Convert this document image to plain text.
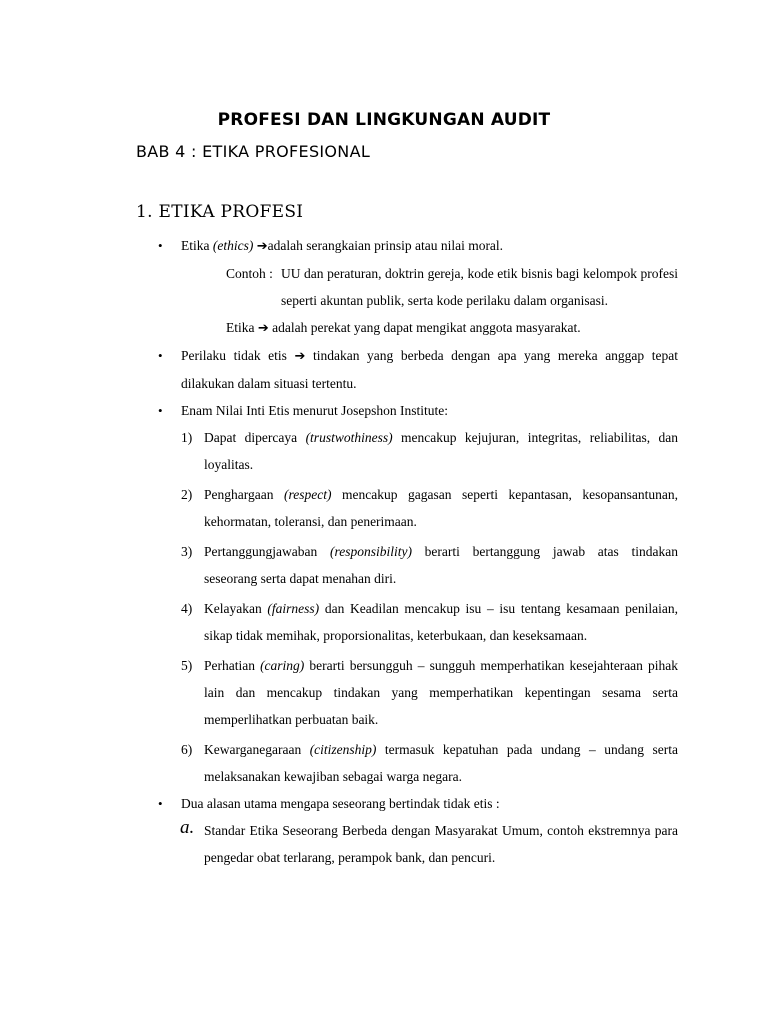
PROFESI DAN LINGKUNGAN AUDIT
BAB 4 : ETIKA PROFESIONAL
1. ETIKA PROFESI
• Etika (ethics) ➔adalah serangkaian prinsip atau nilai moral.
Contoh : UU dan peraturan, doktrin gereja, kode etik bisnis bagi kelompok profesi seperti akuntan publik, serta kode perilaku dalam organisasi.
Etika ➔ adalah perekat yang dapat mengikat anggota masyarakat.
• Perilaku tidak etis ➔ tindakan yang berbeda dengan apa yang mereka anggap tepat dilakukan dalam situasi tertentu.
• Enam Nilai Inti Etis menurut Josepshon Institute:
1) Dapat dipercaya (trustwothiness) mencakup kejujuran, integritas, reliabilitas, dan loyalitas.
2) Penghargaan (respect) mencakup gagasan seperti kepantasan, kesopansantunan, kehormatan, toleransi, dan penerimaan.
3) Pertanggungjawaban (responsibility) berarti bertanggung jawab atas tindakan seseorang serta dapat menahan diri.
4) Kelayakan (fairness) dan Keadilan mencakup isu – isu tentang kesamaan penilaian, sikap tidak memihak, proporsionalitas, keterbukaan, dan keseksamaan.
5) Perhatian (caring) berarti bersungguh – sungguh memperhatikan kesejahteraan pihak lain dan mencakup tindakan yang memperhatikan kepentingan sesama serta memperlihatkan perbuatan baik.
6) Kewarganegaraan (citizenship) termasuk kepatuhan pada undang – undang serta melaksanakan kewajiban sebagai warga negara.
• Dua alasan utama mengapa seseorang bertindak tidak etis :
a. Standar Etika Seseorang Berbeda dengan Masyarakat Umum, contoh ekstremnya para pengedar obat terlarang, perampok bank, dan pencuri.
